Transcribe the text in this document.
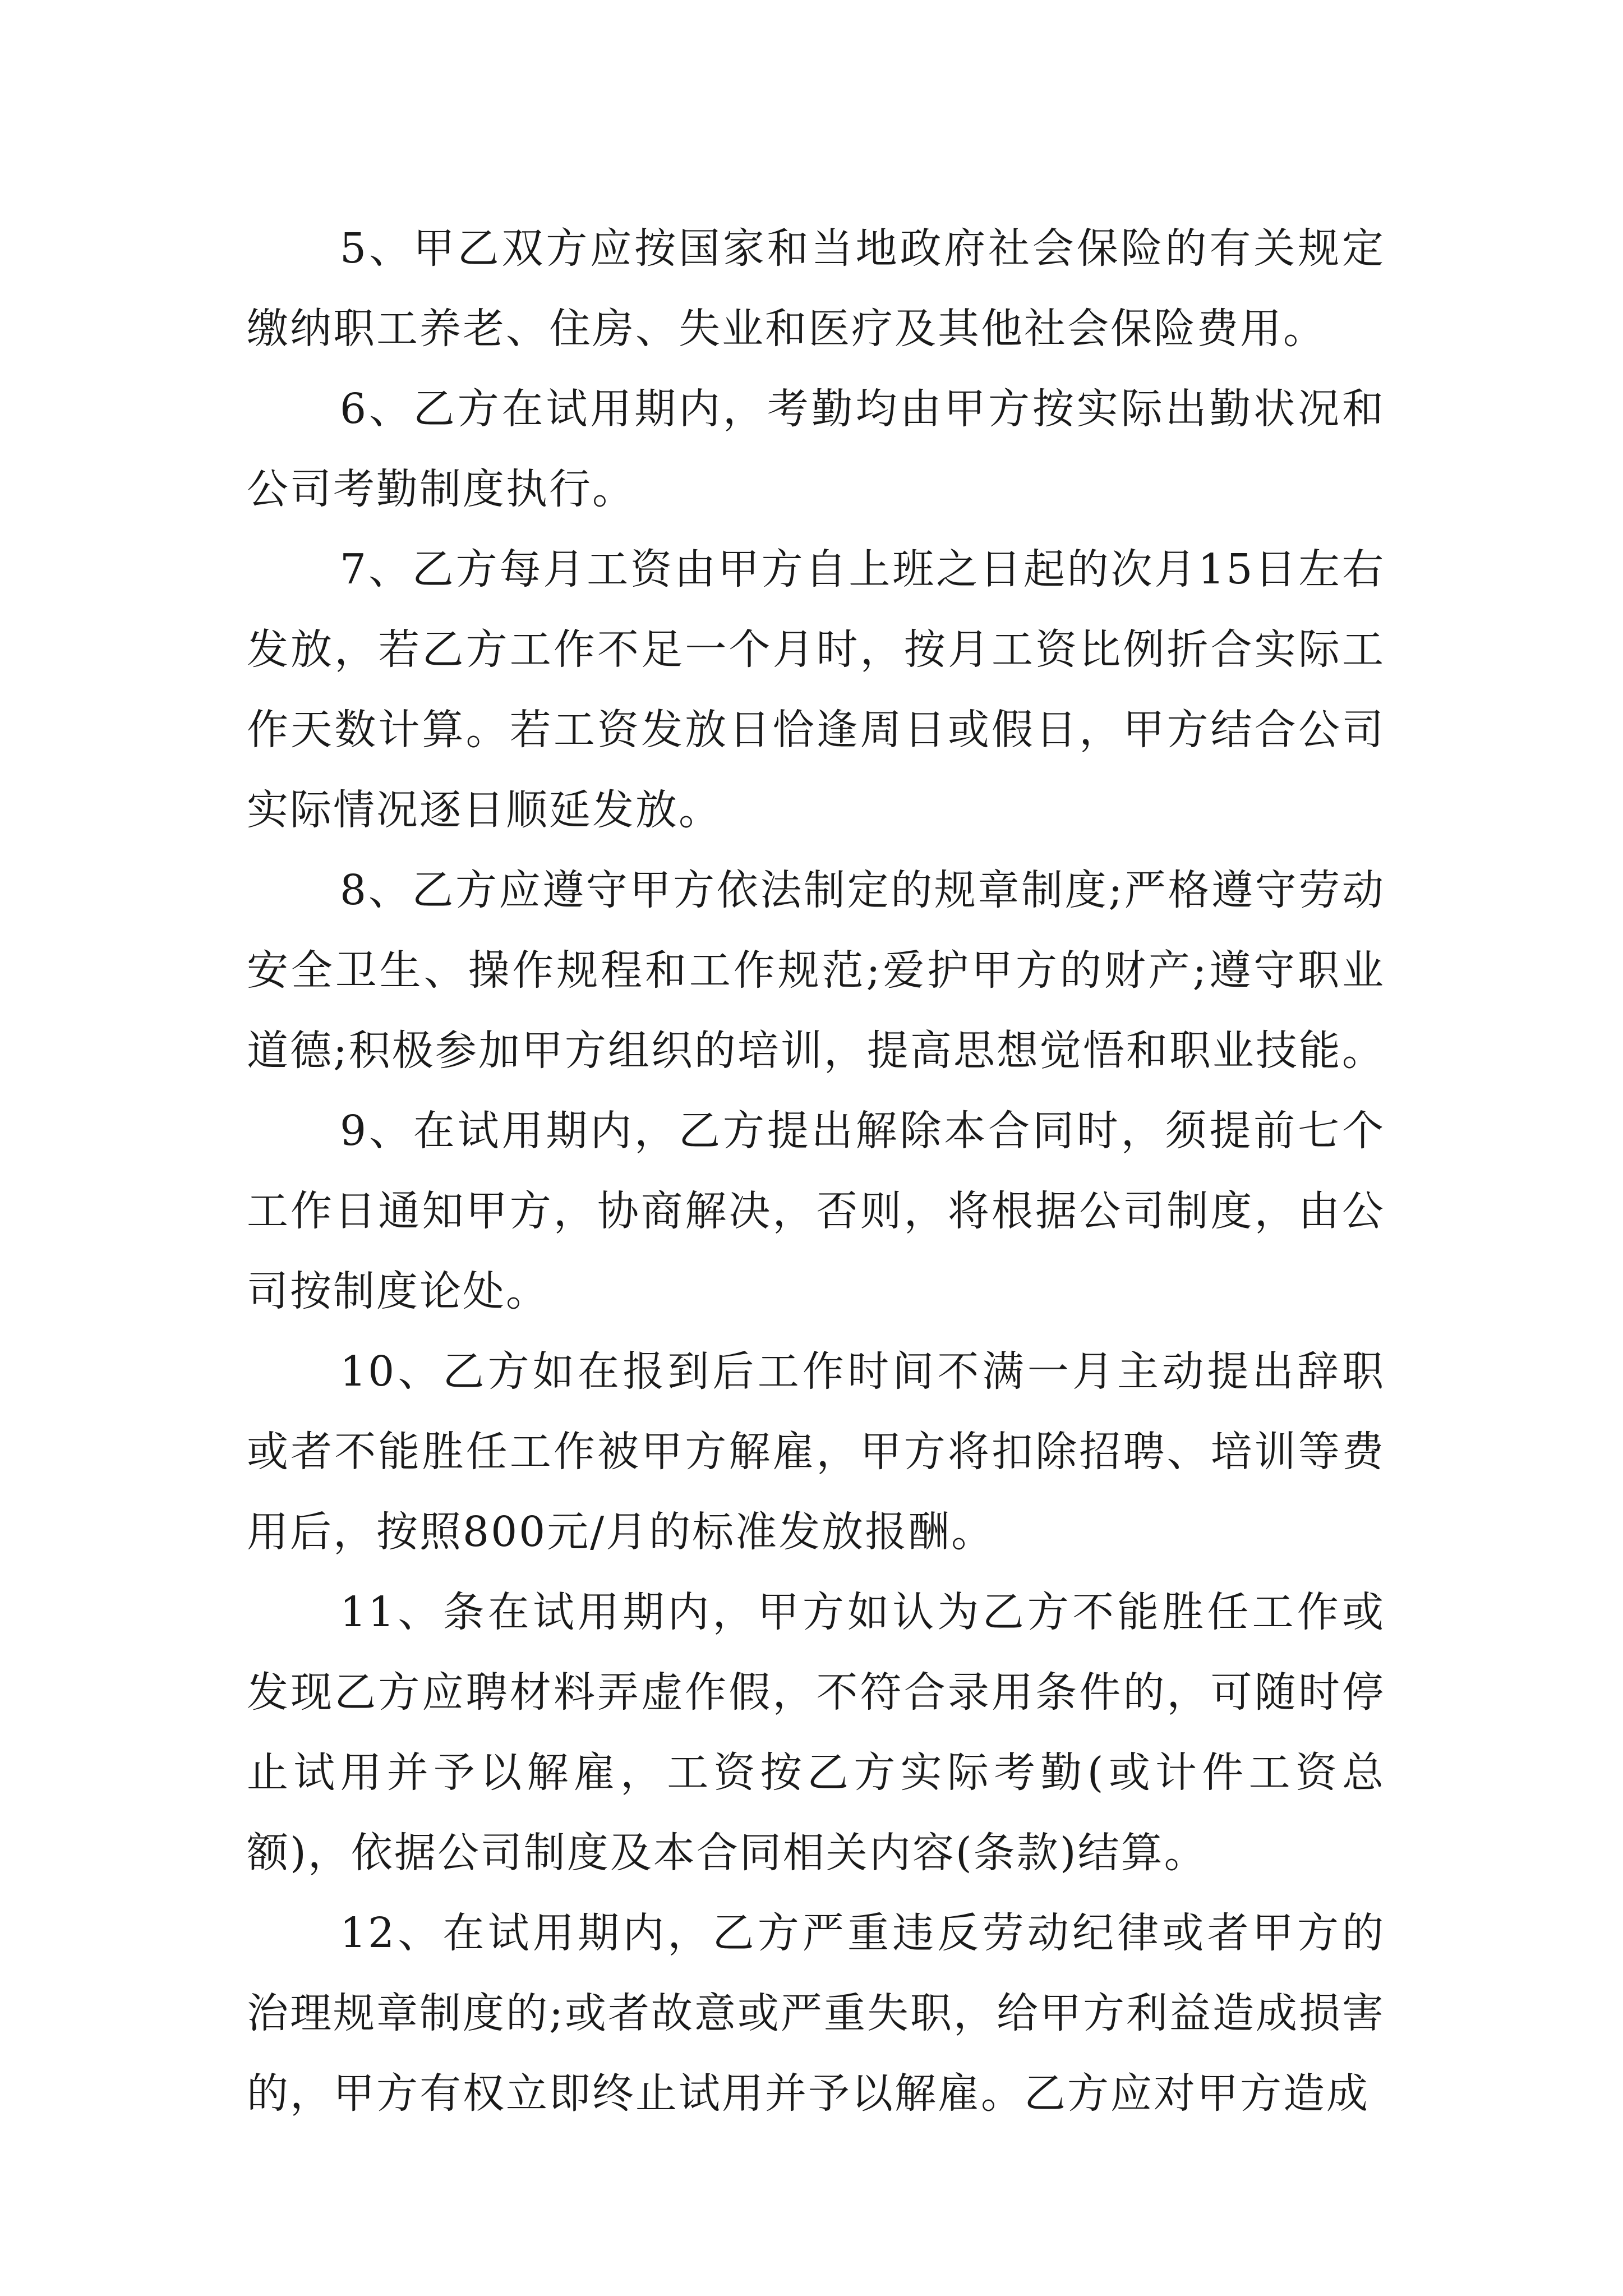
5、甲乙双方应按国家和当地政府社会保险的有关规定缴纳职工养老、住房、失业和医疗及其他社会保险费用。

6、乙方在试用期内，考勤均由甲方按实际出勤状况和公司考勤制度执行。

7、乙方每月工资由甲方自上班之日起的次月15日左右发放，若乙方工作不足一个月时，按月工资比例折合实际工作天数计算。若工资发放日恰逢周日或假日，甲方结合公司实际情况逐日顺延发放。

8、乙方应遵守甲方依法制定的规章制度;严格遵守劳动安全卫生、操作规程和工作规范;爱护甲方的财产;遵守职业道德;积极参加甲方组织的培训，提高思想觉悟和职业技能。

9、在试用期内，乙方提出解除本合同时，须提前七个工作日通知甲方，协商解决，否则，将根据公司制度，由公司按制度论处。

10、乙方如在报到后工作时间不满一月主动提出辞职或者不能胜任工作被甲方解雇，甲方将扣除招聘、培训等费用后，按照800元/月的标准发放报酬。

11、条在试用期内，甲方如认为乙方不能胜任工作或发现乙方应聘材料弄虚作假，不符合录用条件的，可随时停止试用并予以解雇，工资按乙方实际考勤(或计件工资总额)，依据公司制度及本合同相关内容(条款)结算。

12、在试用期内，乙方严重违反劳动纪律或者甲方的治理规章制度的;或者故意或严重失职，给甲方利益造成损害的，甲方有权立即终止试用并予以解雇。乙方应对甲方造成
